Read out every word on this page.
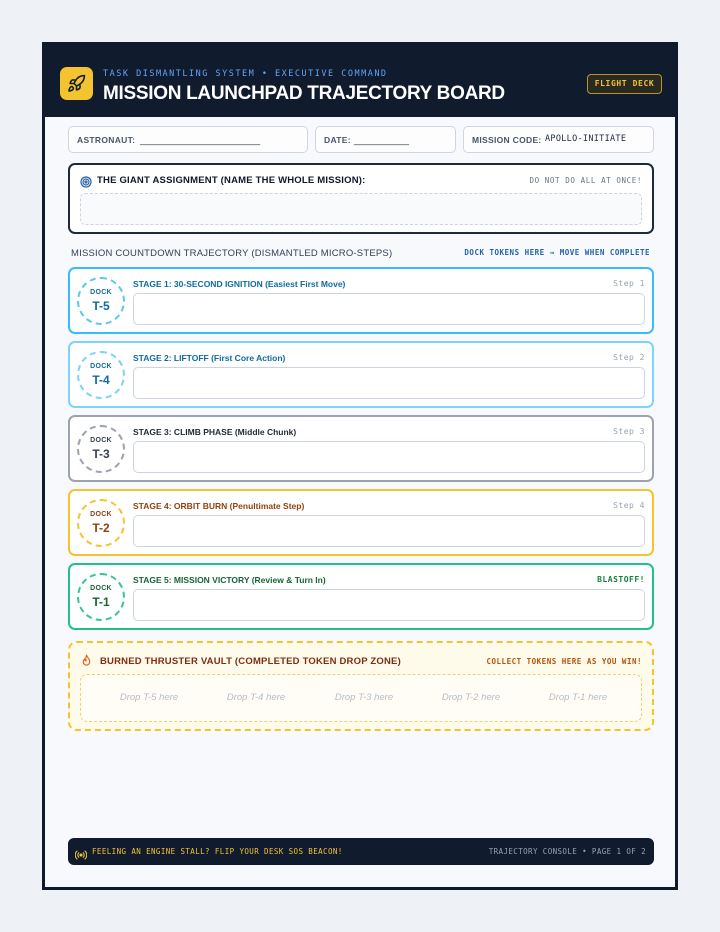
TASK DISMANTLING SYSTEM • EXECUTIVE COMMAND
MISSION LAUNCHPAD TRAJECTORY BOARD	FLIGHT DECK
ASTRONAUT: ________________________	DATE: ___________	MISSION CODE: APOLLO-INITIATE
THE GIANT ASSIGNMENT (NAME THE WHOLE MISSION):	DO NOT DO ALL AT ONCE!
MISSION COUNTDOWN TRAJECTORY (DISMANTLED MICRO-STEPS)	DOCK TOKENS HERE → MOVE WHEN COMPLETE
DOCK
T-5
STAGE 1: 30-SECOND IGNITION (Easiest First Move)	Step 1
DOCK
T-4
STAGE 2: LIFTOFF (First Core Action)	Step 2
DOCK
T-3
STAGE 3: CLIMB PHASE (Middle Chunk)	Step 3
DOCK
T-2
STAGE 4: ORBIT BURN (Penultimate Step)	Step 4
DOCK
T-1
STAGE 5: MISSION VICTORY (Review & Turn In)	BLASTOFF!
BURNED THRUSTER VAULT (COMPLETED TOKEN DROP ZONE)	COLLECT TOKENS HERE AS YOU WIN!
Drop T-5 here	Drop T-4 here	Drop T-3 here	Drop T-2 here	Drop T-1 here
FEELING AN ENGINE STALL? FLIP YOUR DESK SOS BEACON!	TRAJECTORY CONSOLE • PAGE 1 OF 2
